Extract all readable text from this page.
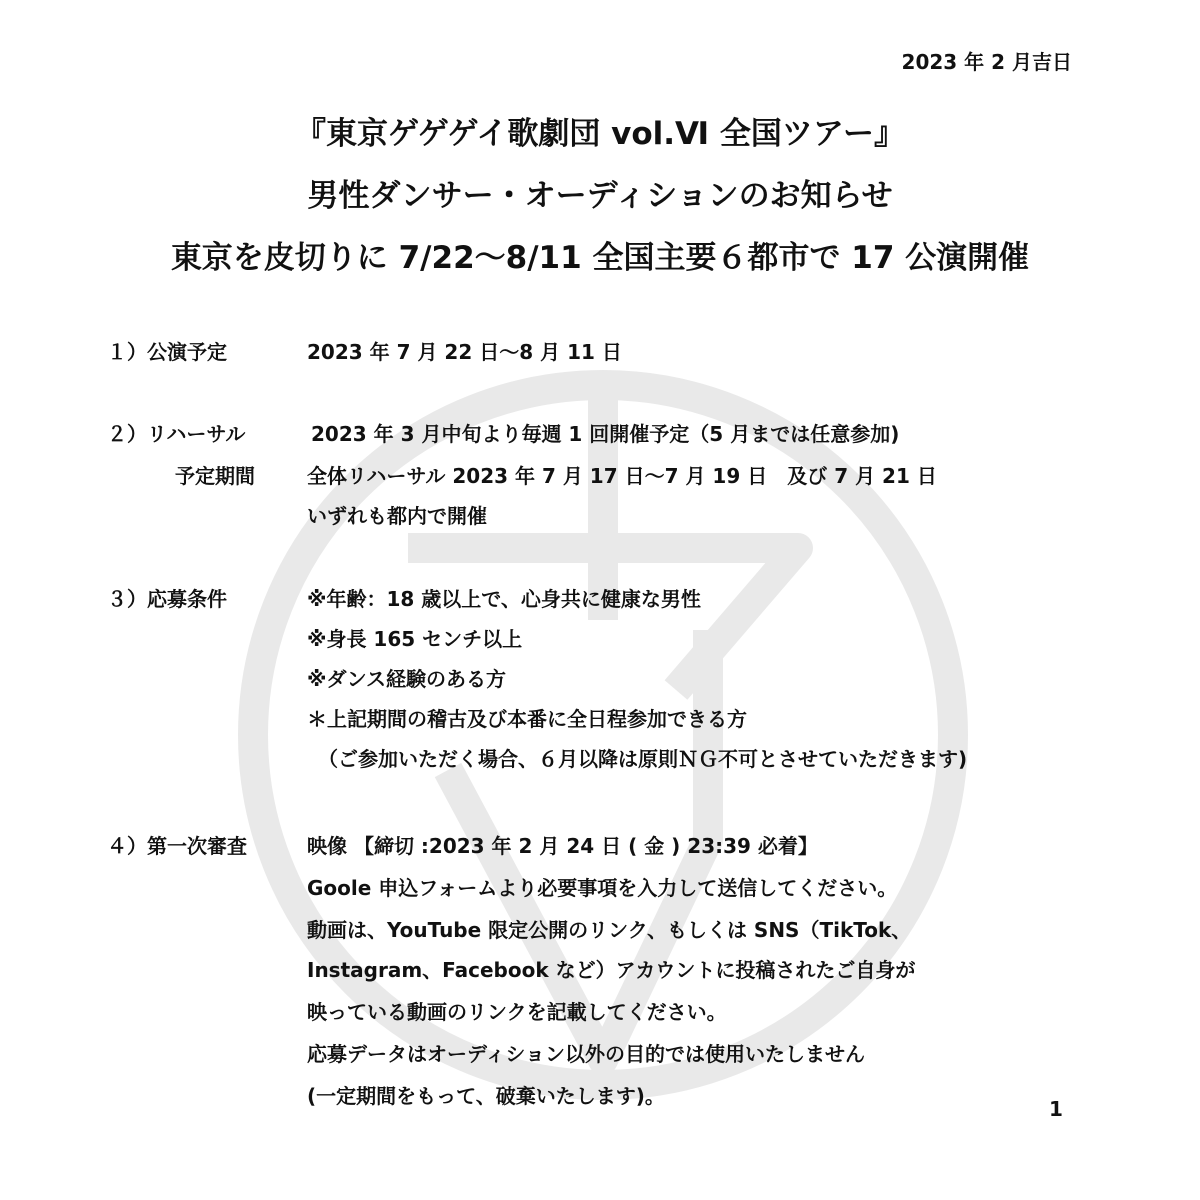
2023 年 2 月吉日
『東京ゲゲゲイ歌劇団 vol.Ⅵ 全国ツアー』
男性ダンサー・オーディションのお知らせ
東京を皮切りに 7/22〜8/11 全国主要６都市で 17 公演開催
１）公演予定	2023 年 7 月 22 日〜8 月 11 日
２）リハーサル	2023 年 3 月中旬より毎週 1 回開催予定（5 月までは任意参加)
予定期間	全体リハーサル 2023 年 7 月 17 日〜7 月 19 日　及び 7 月 21 日
いずれも都内で開催
３）応募条件	※年齢：18 歳以上で、心身共に健康な男性
※身長 165 センチ以上
※ダンス経験のある方
＊上記期間の稽古及び本番に全日程参加できる方
（ご参加いただく場合、６月以降は原則ＮＧ不可とさせていただきます)
４）第一次審査	映像 【締切 :2023 年 2 月 24 日 ( 金 ) 23:39 必着】
Goole 申込フォームより必要事項を入力して送信してください。
動画は、YouTube 限定公開のリンク、もしくは SNS（TikTok、
Instagram、Facebook など）アカウントに投稿されたご自身が
映っている動画のリンクを記載してください。
応募データはオーディション以外の目的では使用いたしません
(一定期間をもって、破棄いたします)。
1
